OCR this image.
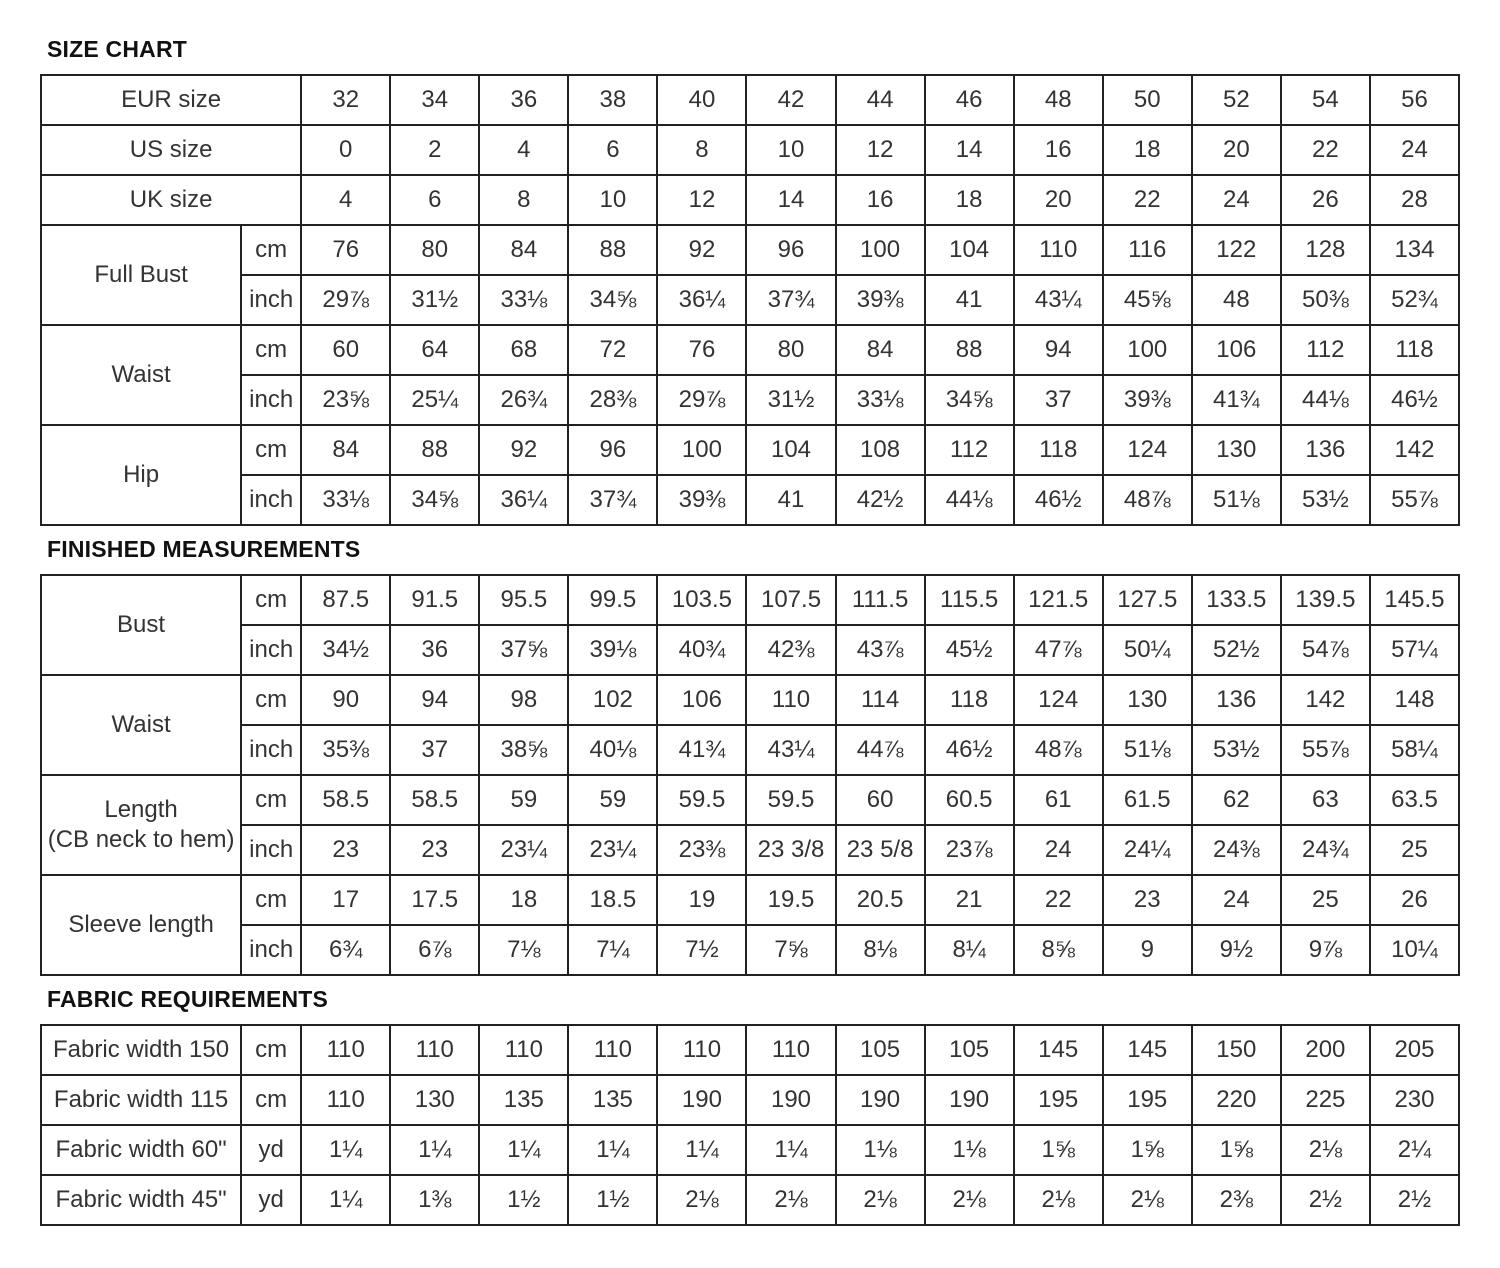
SIZE CHART
EUR size		32	34	36	38	40	42	44	46	48	50	52	54	56
US size		0	2	4	6	8	10	12	14	16	18	20	22	24
UK size		4	6	8	10	12	14	16	18	20	22	24	26	28
Full Bust	cm	76	80	84	88	92	96	100	104	110	116	122	128	134
	inch	29⅞	31½	33⅛	34⅝	36¼	37¾	39⅜	41	43¼	45⅝	48	50⅜	52¾
Waist	cm	60	64	68	72	76	80	84	88	94	100	106	112	118
	inch	23⅝	25¼	26¾	28⅜	29⅞	31½	33⅛	34⅝	37	39⅜	41¾	44⅛	46½
Hip	cm	84	88	92	96	100	104	108	112	118	124	130	136	142
	inch	33⅛	34⅝	36¼	37¾	39⅜	41	42½	44⅛	46½	48⅞	51⅛	53½	55⅞
FINISHED MEASUREMENTS
Bust	cm	87.5	91.5	95.5	99.5	103.5	107.5	111.5	115.5	121.5	127.5	133.5	139.5	145.5
	inch	34½	36	37⅝	39⅛	40¾	42⅜	43⅞	45½	47⅞	50¼	52½	54⅞	57¼
Waist	cm	90	94	98	102	106	110	114	118	124	130	136	142	148
	inch	35⅜	37	38⅝	40⅛	41¾	43¼	44⅞	46½	48⅞	51⅛	53½	55⅞	58¼
Length
(CB neck to hem)	cm	58.5	58.5	59	59	59.5	59.5	60	60.5	61	61.5	62	63	63.5
	inch	23	23	23¼	23¼	23⅜	23 3/8	23 5/8	23⅞	24	24¼	24⅜	24¾	25
Sleeve length	cm	17	17.5	18	18.5	19	19.5	20.5	21	22	23	24	25	26
	inch	6¾	6⅞	7⅛	7¼	7½	7⅝	8⅛	8¼	8⅝	9	9½	9⅞	10¼
FABRIC REQUIREMENTS
Fabric width 150	cm	110	110	110	110	110	110	105	105	145	145	150	200	205
Fabric width 115	cm	110	130	135	135	190	190	190	190	195	195	220	225	230
Fabric width 60"	yd	1¼	1¼	1¼	1¼	1¼	1¼	1⅛	1⅛	1⅝	1⅝	1⅝	2⅛	2¼
Fabric width 45"	yd	1¼	1⅜	1½	1½	2⅛	2⅛	2⅛	2⅛	2⅛	2⅛	2⅜	2½	2½
